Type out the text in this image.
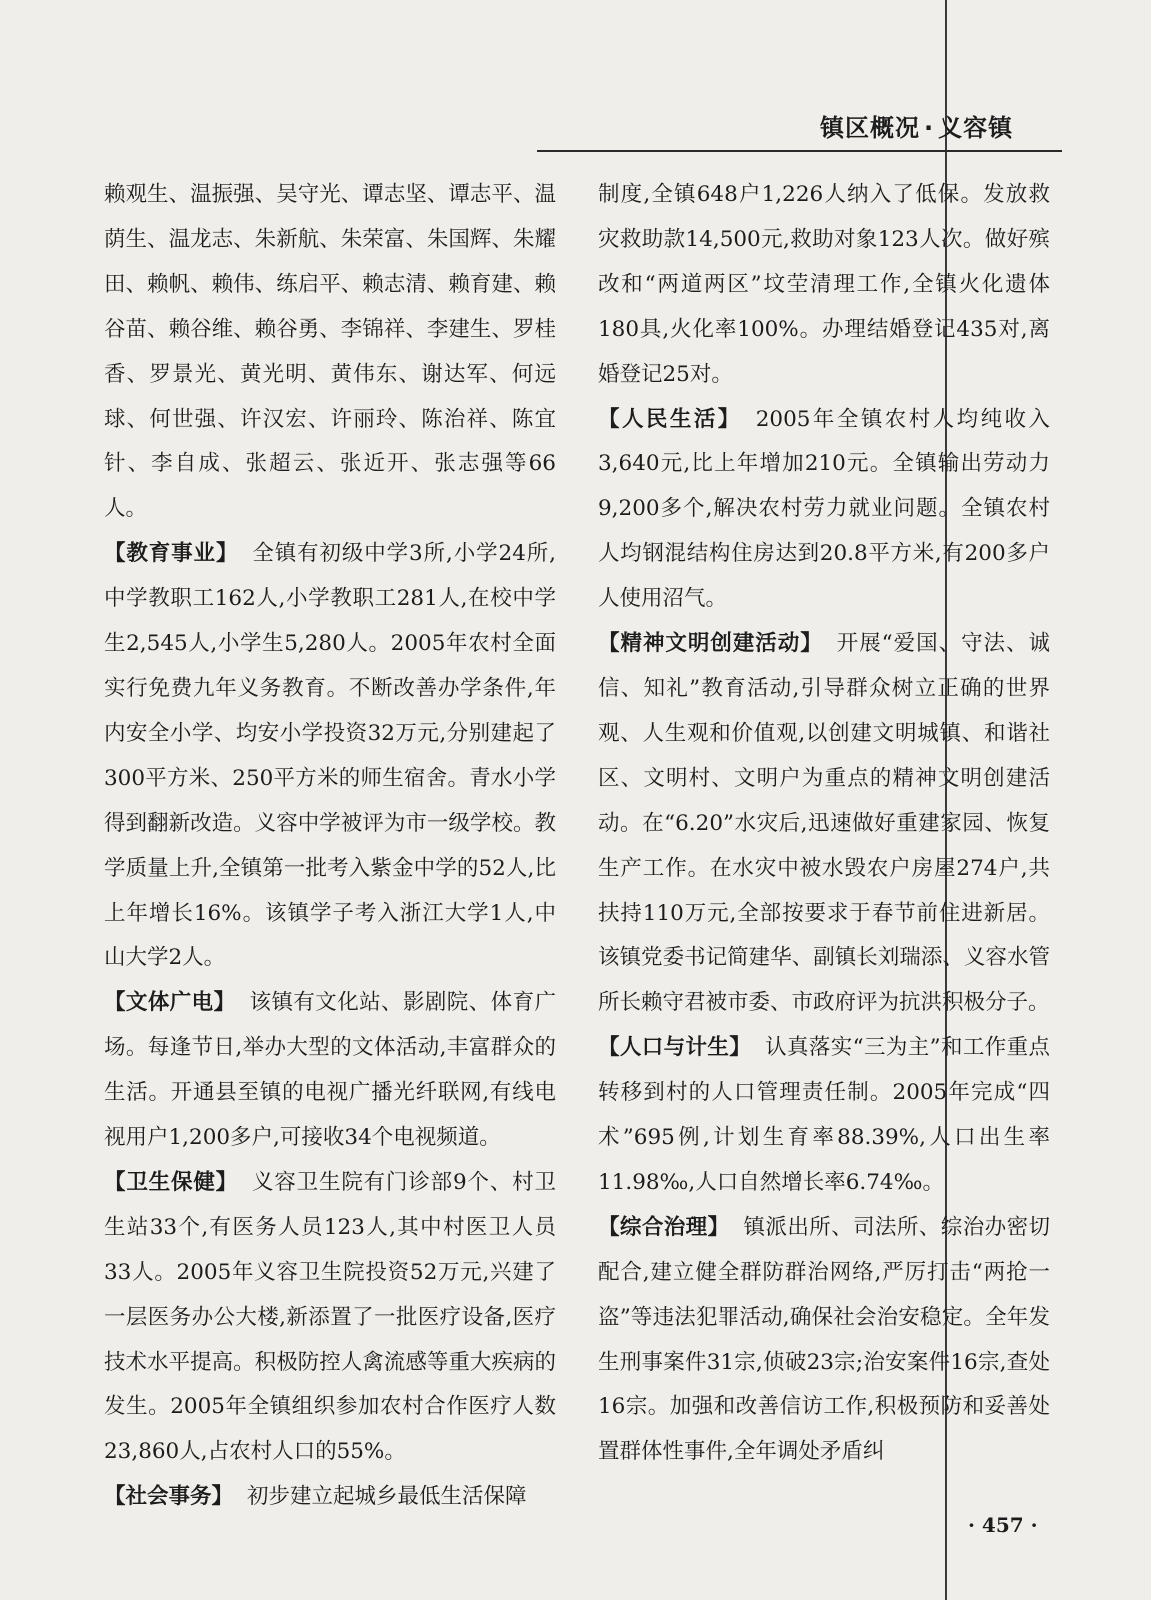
镇区概况 · 义容镇

赖观生、温振强、吴守光、谭志坚、谭志平、温荫生、温龙志、朱新航、朱荣富、朱国辉、朱耀田、赖帆、赖伟、练启平、赖志清、赖育建、赖谷苗、赖谷维、赖谷勇、李锦祥、李建生、罗桂香、罗景光、黄光明、黄伟东、谢达军、何远球、何世强、许汉宏、许丽玲、陈治祥、陈宜针、李自成、张超云、张近开、张志强等66人。

【教育事业】 全镇有初级中学3所,小学24所,中学教职工162人,小学教职工281人,在校中学生2,545人,小学生5,280人。2005年农村全面实行免费九年义务教育。不断改善办学条件,年内安全小学、均安小学投资32万元,分别建起了300平方米、250平方米的师生宿舍。青水小学得到翻新改造。义容中学被评为市一级学校。教学质量上升,全镇第一批考入紫金中学的52人,比上年增长16%。该镇学子考入浙江大学1人,中山大学2人。

【文体广电】 该镇有文化站、影剧院、体育广场。每逢节日,举办大型的文体活动,丰富群众的生活。开通县至镇的电视广播光纤联网,有线电视用户1,200多户,可接收34个电视频道。

【卫生保健】 义容卫生院有门诊部9个、村卫生站33个,有医务人员123人,其中村医卫人员33人。2005年义容卫生院投资52万元,兴建了一层医务办公大楼,新添置了一批医疗设备,医疗技术水平提高。积极防控人禽流感等重大疾病的发生。2005年全镇组织参加农村合作医疗人数23,860人,占农村人口的55%。

【社会事务】 初步建立起城乡最低生活保障

制度,全镇648户1,226人纳入了低保。发放救灾救助款14,500元,救助对象123人次。做好殡改和“两道两区”坟茔清理工作,全镇火化遗体180具,火化率100%。办理结婚登记435对,离婚登记25对。

【人民生活】 2005年全镇农村人均纯收入3,640元,比上年增加210元。全镇输出劳动力9,200多个,解决农村劳力就业问题。全镇农村人均钢混结构住房达到20.8平方米,有200多户人使用沼气。

【精神文明创建活动】 开展“爱国、守法、诚信、知礼”教育活动,引导群众树立正确的世界观、人生观和价值观,以创建文明城镇、和谐社区、文明村、文明户为重点的精神文明创建活动。在“6.20”水灾后,迅速做好重建家园、恢复生产工作。在水灾中被水毁农户房屋274户,共扶持110万元,全部按要求于春节前住进新居。该镇党委书记简建华、副镇长刘瑞添、义容水管所长赖守君被市委、市政府评为抗洪积极分子。

【人口与计生】 认真落实“三为主”和工作重点转移到村的人口管理责任制。2005年完成“四术”695例,计划生育率88.39%,人口出生率11.98‰,人口自然增长率6.74‰。

【综合治理】 镇派出所、司法所、综治办密切配合,建立健全群防群治网络,严厉打击“两抢一盗”等违法犯罪活动,确保社会治安稳定。全年发生刑事案件31宗,侦破23宗;治安案件16宗,查处16宗。加强和改善信访工作,积极预防和妥善处置群体性事件,全年调处矛盾纠

· 457 ·
